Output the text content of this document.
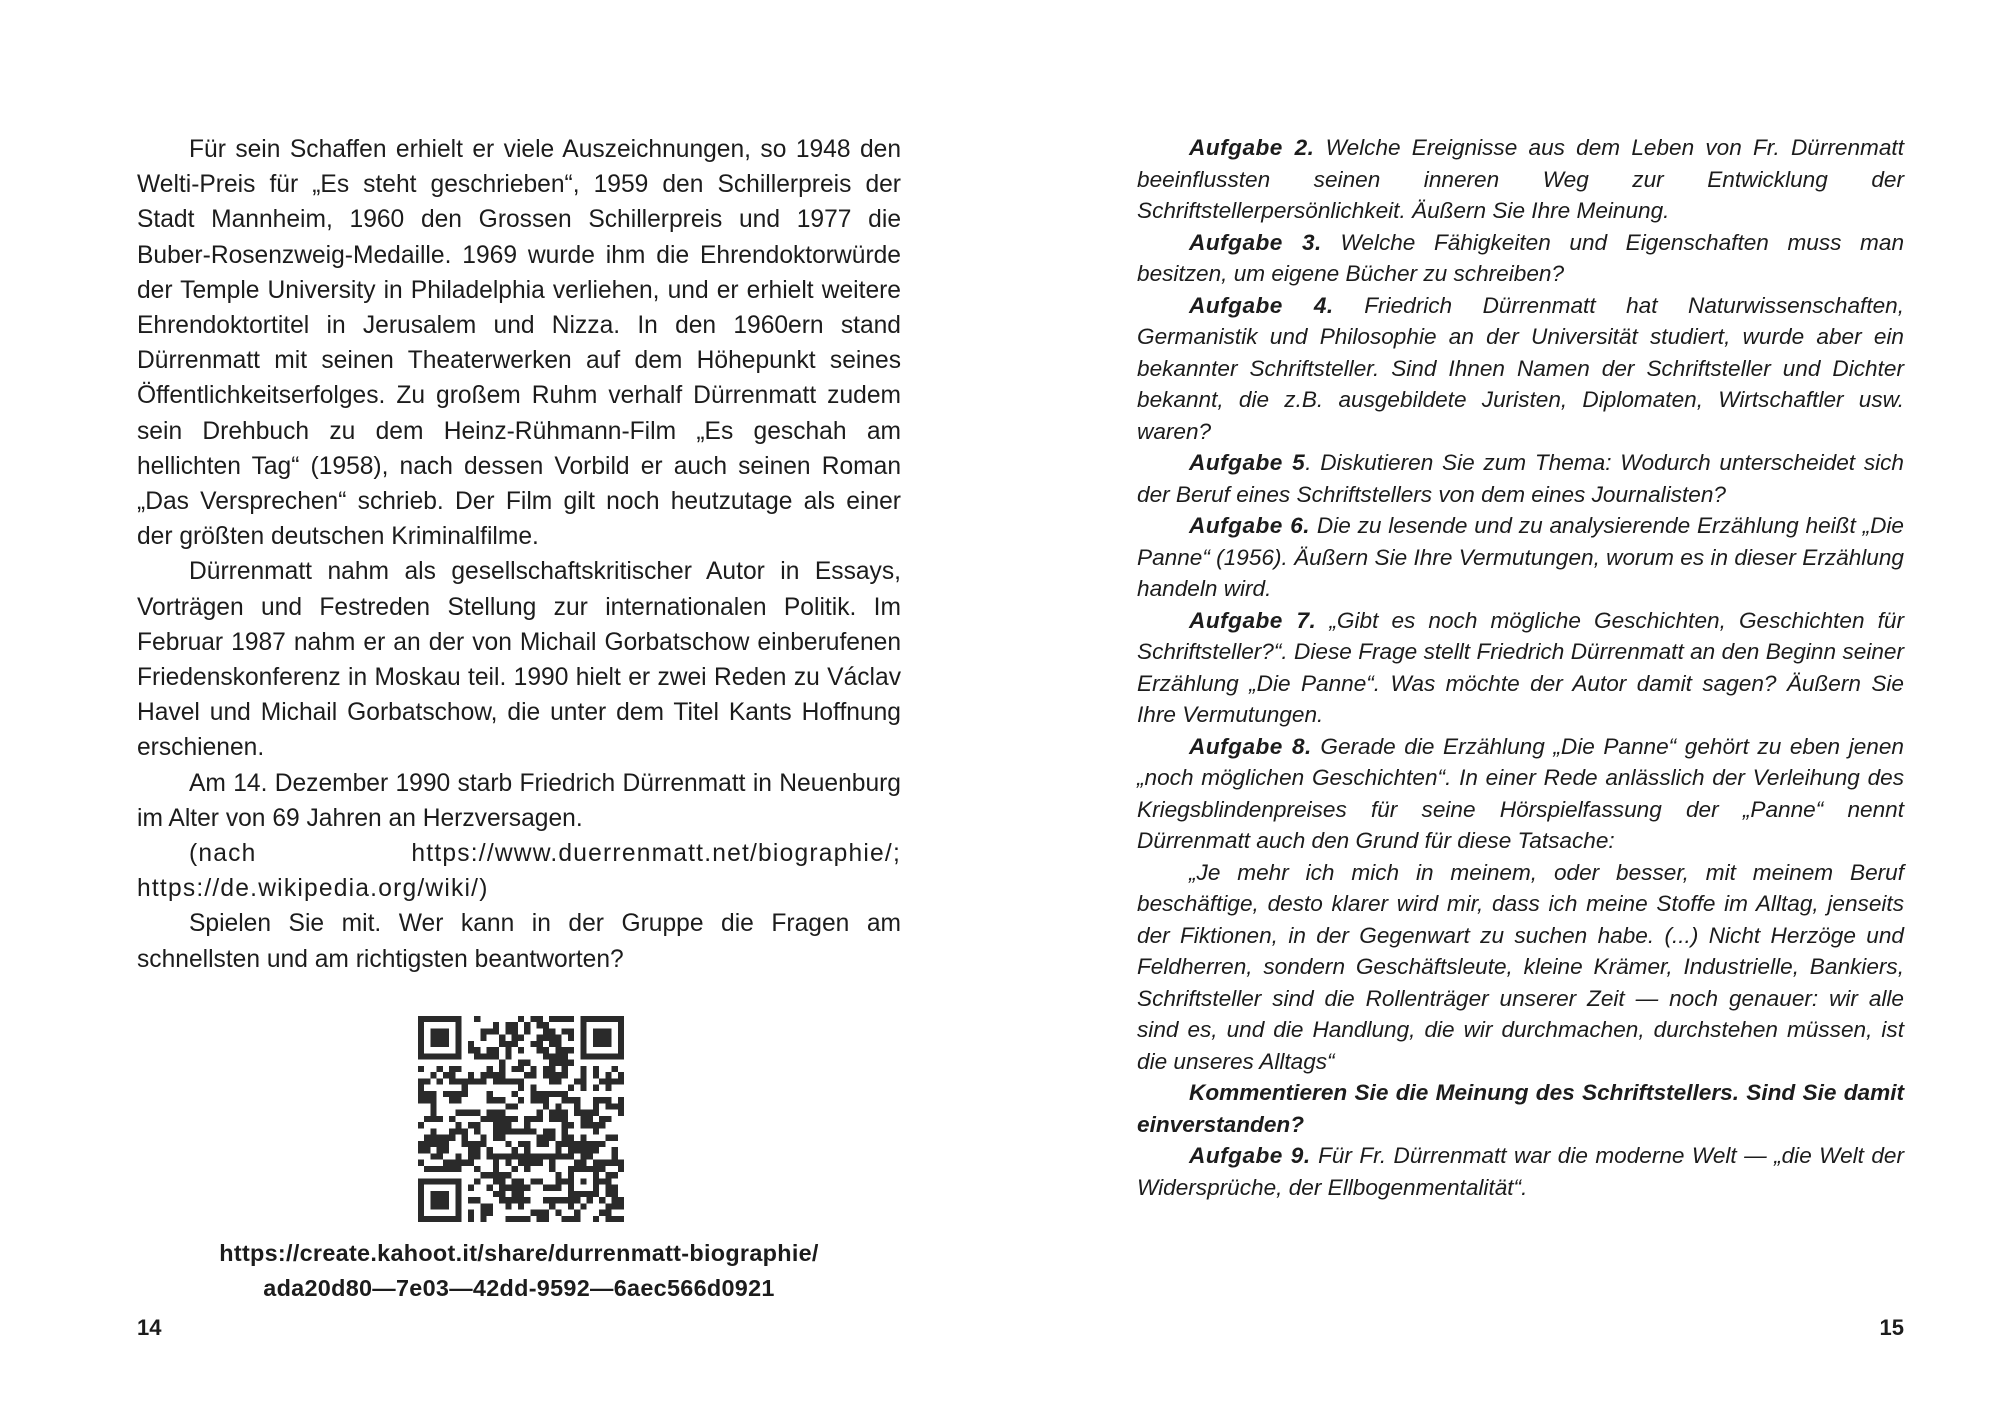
Für sein Schaffen erhielt er viele Auszeichnungen, so 1948 den Welti-Preis für „Es steht geschrieben“, 1959 den Schillerpreis der Stadt Mannheim, 1960 den Grossen Schillerpreis und 1977 die Buber-Rosenzweig-Medaille. 1969 wurde ihm die Ehrendoktorwürde der Temple University in Philadelphia verliehen, und er erhielt weitere Ehrendoktortitel in Jerusalem und Nizza. In den 1960ern stand Dürrenmatt mit seinen Theaterwerken auf dem Höhepunkt seines Öffentlichkeitserfolges. Zu großem Ruhm verhalf Dürrenmatt zudem sein Drehbuch zu dem Heinz-Rühmann-Film „Es geschah am hellichten Tag“ (1958), nach dessen Vorbild er auch seinen Roman „Das Versprechen“ schrieb. Der Film gilt noch heutzutage als einer der größten deutschen Kriminalfilme.

Dürrenmatt nahm als gesellschaftskritischer Autor in Essays, Vorträgen und Festreden Stellung zur internationalen Politik. Im Februar 1987 nahm er an der von Michail Gorbatschow einberufenen Friedenskonferenz in Moskau teil. 1990 hielt er zwei Reden zu Václav Havel und Michail Gorbatschow, die unter dem Titel Kants Hoffnung erschienen.

Am 14. Dezember 1990 starb Friedrich Dürrenmatt in Neuenburg im Alter von 69 Jahren an Herzversagen.

(nach https://www.duerrenmatt.net/biographie/; https://de.wikipedia.org/wiki/)

Spielen Sie mit. Wer kann in der Gruppe die Fragen am schnellsten und am richtigsten beantworten?

https://create.kahoot.it/share/durrenmatt-biographie/
ada20d80—7e03—42dd-9592—6aec566d0921
14

Aufgabe 2. Welche Ereignisse aus dem Leben von Fr. Dürrenmatt beeinflussten seinen inneren Weg zur Entwicklung der Schriftstellerpersönlichkeit. Äußern Sie Ihre Meinung.

Aufgabe 3. Welche Fähigkeiten und Eigenschaften muss man besitzen, um eigene Bücher zu schreiben?

Aufgabe 4. Friedrich Dürrenmatt hat Naturwissenschaften, Germanistik und Philosophie an der Universität studiert, wurde aber ein bekannter Schriftsteller. Sind Ihnen Namen der Schriftsteller und Dichter bekannt, die z.B. ausgebildete Juristen, Diplomaten, Wirtschaftler usw. waren?

Aufgabe 5. Diskutieren Sie zum Thema: Wodurch unterscheidet sich der Beruf eines Schriftstellers von dem eines Journalisten?

Aufgabe 6. Die zu lesende und zu analysierende Erzählung heißt „Die Panne“ (1956). Äußern Sie Ihre Vermutungen, worum es in dieser Erzählung handeln wird.

Aufgabe 7. „Gibt es noch mögliche Geschichten, Geschichten für Schriftsteller?“. Diese Frage stellt Friedrich Dürrenmatt an den Beginn seiner Erzählung „Die Panne“. Was möchte der Autor damit sagen? Äußern Sie Ihre Vermutungen.

Aufgabe 8. Gerade die Erzählung „Die Panne“ gehört zu eben jenen „noch möglichen Geschichten“. In einer Rede anlässlich der Verleihung des Kriegsblindenpreises für seine Hörspielfassung der „Panne“ nennt Dürrenmatt auch den Grund für diese Tatsache:

„Je mehr ich mich in meinem, oder besser, mit meinem Beruf beschäftige, desto klarer wird mir, dass ich meine Stoffe im Alltag, jenseits der Fiktionen, in der Gegenwart zu suchen habe. (...) Nicht Herzöge und Feldherren, sondern Geschäftsleute, kleine Krämer, Industrielle, Bankiers, Schriftsteller sind die Rollenträger unserer Zeit — noch genauer: wir alle sind es, und die Handlung, die wir durchmachen, durchstehen müssen, ist die unseres Alltags“

Kommentieren Sie die Meinung des Schriftstellers. Sind Sie damit einverstanden?

Aufgabe 9. Für Fr. Dürrenmatt war die moderne Welt — „die Welt der Widersprüche, der Ellbogenmentalität“.

15
